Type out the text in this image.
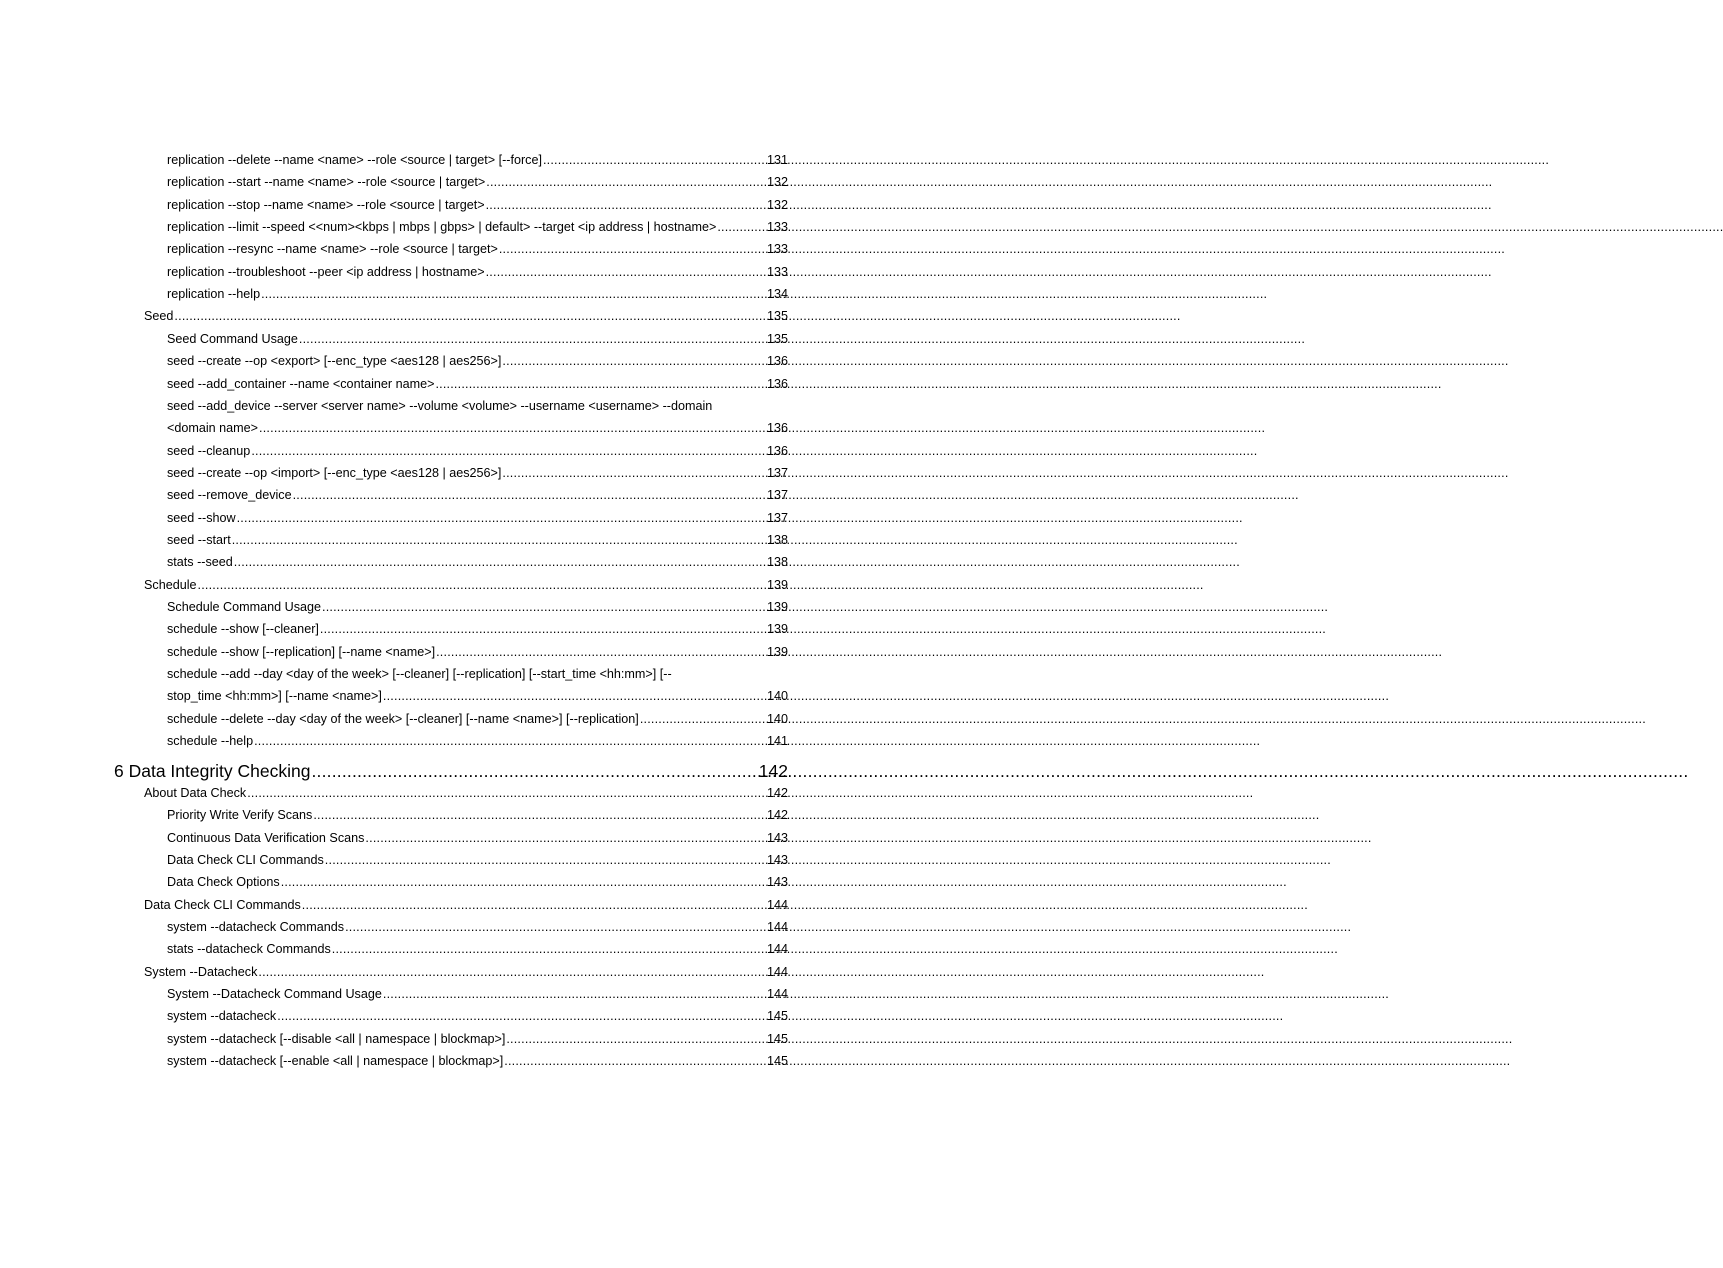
replication --delete --name <name> --role <source | target> [--force] .....	131
replication --start --name <name> --role <source | target> .....	132
replication --stop --name <name> --role <source | target> .....	132
replication --limit --speed <<num><kbps | mbps | gbps> | default> --target <ip address | hostname> .....	133
replication --resync --name <name> --role <source | target> .....	133
replication --troubleshoot --peer <ip address | hostname> .....	133
replication --help .....	134
Seed .....	135
Seed Command Usage .....	135
seed --create --op <export> [--enc_type <aes128 | aes256>] .....	136
seed --add_container --name <container name> .....	136
seed --add_device --server <server name> --volume <volume> --username <username> --domain
<domain name> .....	136
seed --cleanup .....	136
seed --create --op <import> [--enc_type <aes128 | aes256>] .....	137
seed --remove_device .....	137
seed --show .....	137
seed --start .....	138
stats --seed .....	138
Schedule .....	139
Schedule Command Usage .....	139
schedule --show [--cleaner] .....	139
schedule --show [--replication] [--name <name>] .....	139
schedule --add --day <day of the week> [--cleaner] [--replication] [--start_time <hh:mm>] [--
stop_time <hh:mm>] [--name <name>] .....	140
schedule --delete --day <day of the week> [--cleaner] [--name <name>] [--replication] .....	140
schedule --help .....	141
6 Data Integrity Checking .....	142
About Data Check .....	142
Priority Write Verify Scans .....	142
Continuous Data Verification Scans .....	143
Data Check CLI Commands .....	143
Data Check Options .....	143
Data Check CLI Commands .....	144
system --datacheck Commands .....	144
stats --datacheck Commands .....	144
System --Datacheck .....	144
System --Datacheck Command Usage .....	144
system --datacheck .....	145
system --datacheck [--disable <all | namespace | blockmap>] .....	145
system --datacheck [--enable <all | namespace | blockmap>] .....	145
